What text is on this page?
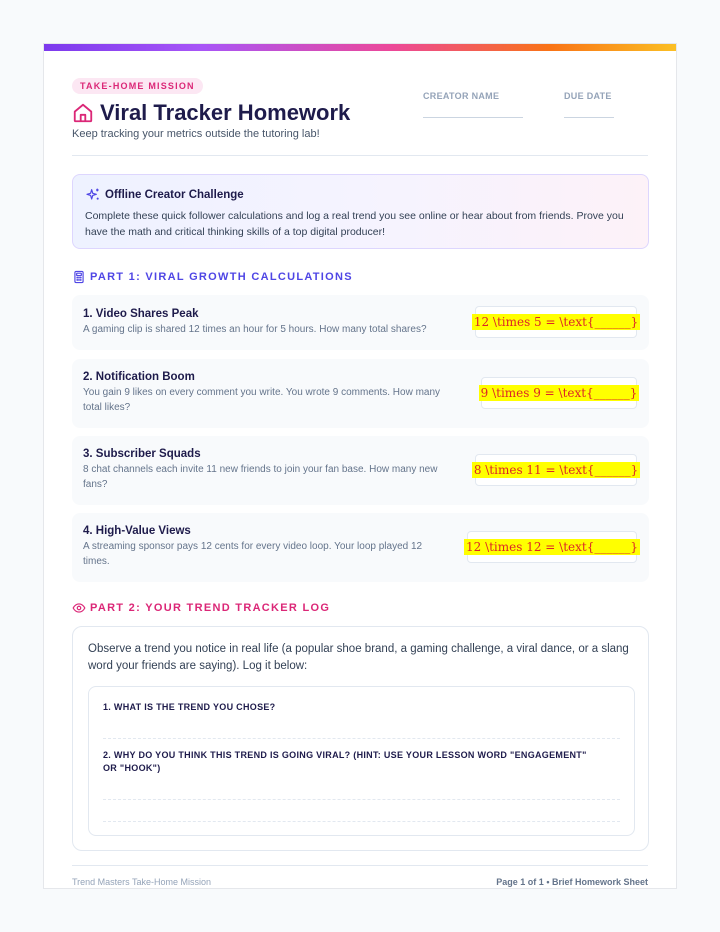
TAKE-HOME MISSION
Viral Tracker Homework
Keep tracking your metrics outside the tutoring lab!
CREATOR NAME	DUE DATE
Offline Creator Challenge

Complete these quick follower calculations and log a real trend you see online or hear about from friends. Prove you have the math and critical thinking skills of a top digital producer!

PART 1: VIRAL GROWTH CALCULATIONS
1. Video Shares Peak
A gaming clip is shared 12 times an hour for 5 hours. How many total shares?
12 \times 5 = \text{______}
2. Notification Boom
You gain 9 likes on every comment you write. You wrote 9 comments. How many total likes?
9 \times 9 = \text{______}
3. Subscriber Squads
8 chat channels each invite 11 new friends to join your fan base. How many new fans?
8 \times 11 = \text{______}
4. High-Value Views
A streaming sponsor pays 12 cents for every video loop. Your loop played 12 times.
12 \times 12 = \text{______}
PART 2: YOUR TREND TRACKER LOG

Observe a trend you notice in real life (a popular shoe brand, a gaming challenge, a viral dance, or a slang word your friends are saying). Log it below:

1. WHAT IS THE TREND YOU CHOSE?
2. WHY DO YOU THINK THIS TREND IS GOING VIRAL? (HINT: USE YOUR LESSON WORD "ENGAGEMENT" OR "HOOK")
Trend Masters Take-Home Mission	Page 1 of 1 • Brief Homework Sheet
